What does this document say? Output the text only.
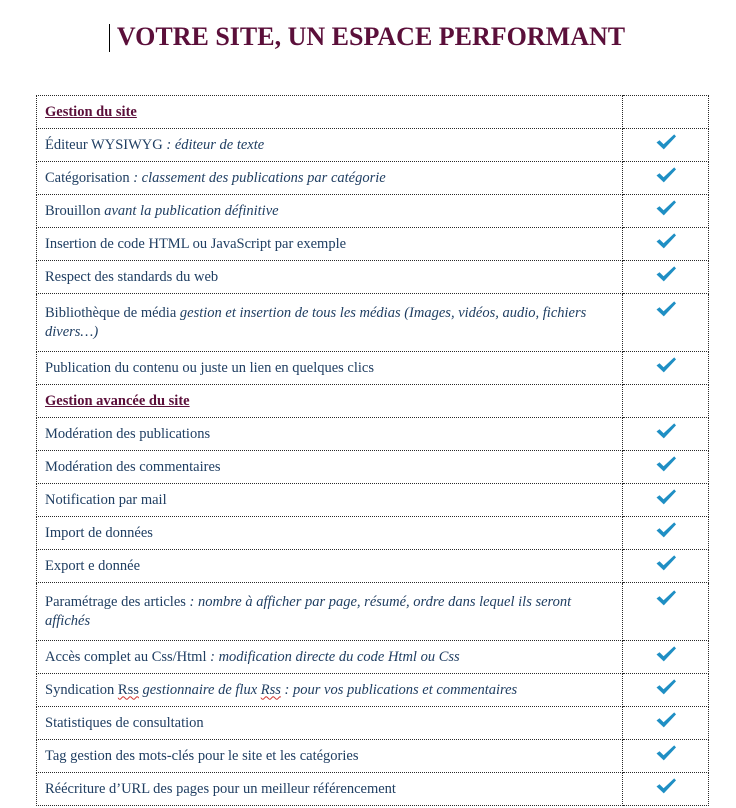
VOTRE SITE, UN ESPACE PERFORMANT
Gestion du site	
Éditeur WYSIWYG : éditeur de texte	

Catégorisation : classement des publications par catégorie	

Brouillon avant la publication définitive	

Insertion de code HTML ou JavaScript par exemple	

Respect des standards du web	

Bibliothèque de média gestion et insertion de tous les médias (Images, vidéos, audio, fichiers divers…)	

Publication du contenu ou juste un lien en quelques clics	

Gestion avancée du site	
Modération des publications	

Modération des commentaires	

Notification par mail	

Import de données	

Export e donnée	

Paramétrage des articles : nombre à afficher par page, résumé, ordre dans lequel ils seront affichés	

Accès complet au Css/Html : modification directe du code Html ou Css	

Syndication Rss gestionnaire de flux Rss : pour vos publications et commentaires	

Statistiques de consultation	

Tag gestion des mots-clés pour le site et les catégories	

Réécriture d’URL des pages pour un meilleur référencement	
